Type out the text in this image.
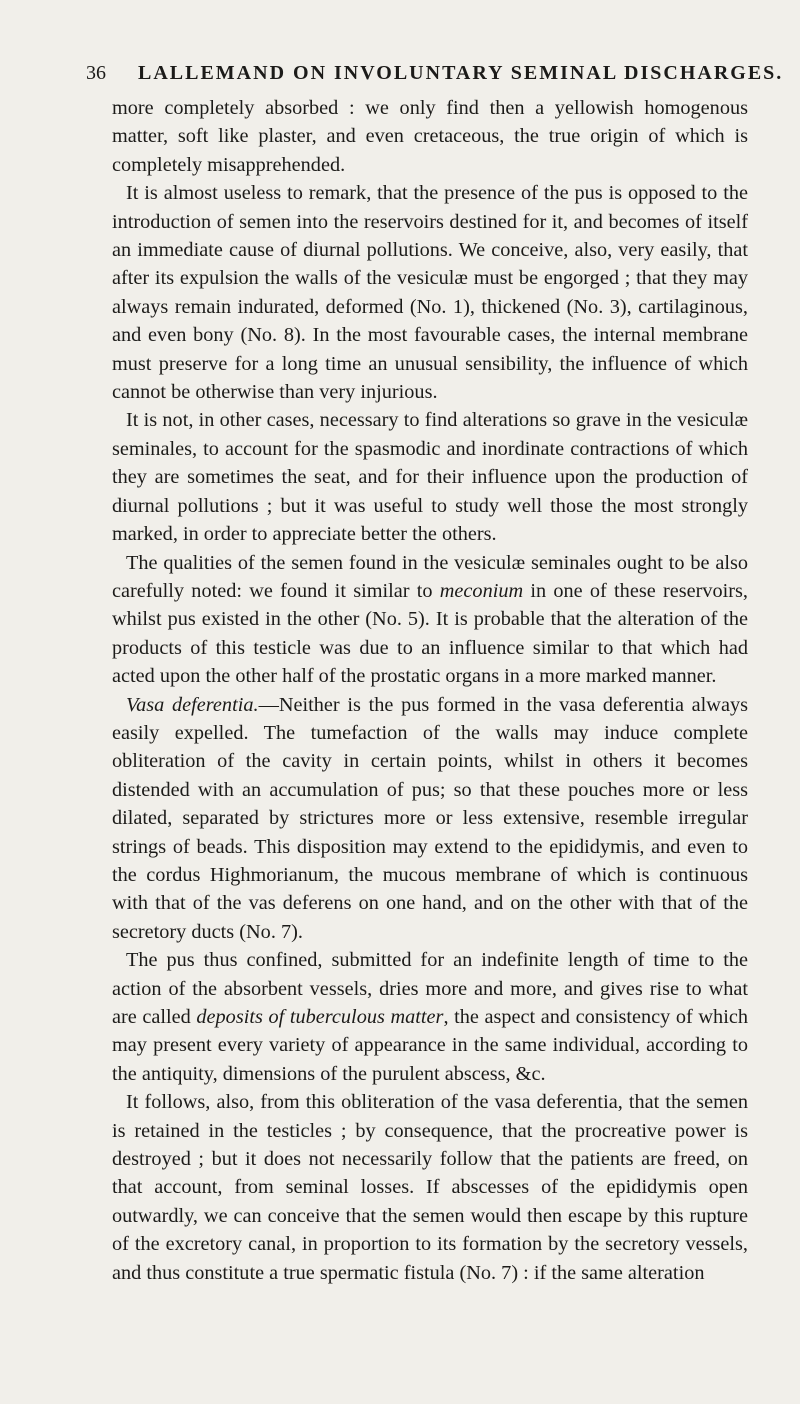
36 LALLEMAND ON INVOLUNTARY SEMINAL DISCHARGES.

more completely absorbed : we only find then a yellowish homogenous matter, soft like plaster, and even cretaceous, the true origin of which is completely misapprehended.

It is almost useless to remark, that the presence of the pus is opposed to the introduction of semen into the reservoirs destined for it, and becomes of itself an immediate cause of diurnal pollutions. We conceive, also, very easily, that after its expulsion the walls of the vesiculæ must be engorged ; that they may always remain indurated, deformed (No. 1), thickened (No. 3), cartilaginous, and even bony (No. 8). In the most favourable cases, the internal membrane must preserve for a long time an unusual sensibility, the influence of which cannot be otherwise than very injurious.

It is not, in other cases, necessary to find alterations so grave in the vesiculæ seminales, to account for the spasmodic and inordinate contractions of which they are sometimes the seat, and for their influence upon the production of diurnal pollutions ; but it was useful to study well those the most strongly marked, in order to appreciate better the others.

The qualities of the semen found in the vesiculæ seminales ought to be also carefully noted: we found it similar to meconium in one of these reservoirs, whilst pus existed in the other (No. 5). It is probable that the alteration of the products of this testicle was due to an influence similar to that which had acted upon the other half of the prostatic organs in a more marked manner.

Vasa deferentia.—Neither is the pus formed in the vasa deferentia always easily expelled. The tumefaction of the walls may induce complete obliteration of the cavity in certain points, whilst in others it becomes distended with an accumulation of pus; so that these pouches more or less dilated, separated by strictures more or less extensive, resemble irregular strings of beads. This disposition may extend to the epididymis, and even to the cordus Highmorianum, the mucous membrane of which is continuous with that of the vas deferens on one hand, and on the other with that of the secretory ducts (No. 7).

The pus thus confined, submitted for an indefinite length of time to the action of the absorbent vessels, dries more and more, and gives rise to what are called deposits of tuberculous matter, the aspect and consistency of which may present every variety of appearance in the same individual, according to the antiquity, dimensions of the purulent abscess, &c.

It follows, also, from this obliteration of the vasa deferentia, that the semen is retained in the testicles ; by consequence, that the procreative power is destroyed ; but it does not necessarily follow that the patients are freed, on that account, from seminal losses. If abscesses of the epididymis open outwardly, we can conceive that the semen would then escape by this rupture of the excretory canal, in proportion to its formation by the secretory vessels, and thus constitute a true spermatic fistula (No. 7) : if the same alteration
